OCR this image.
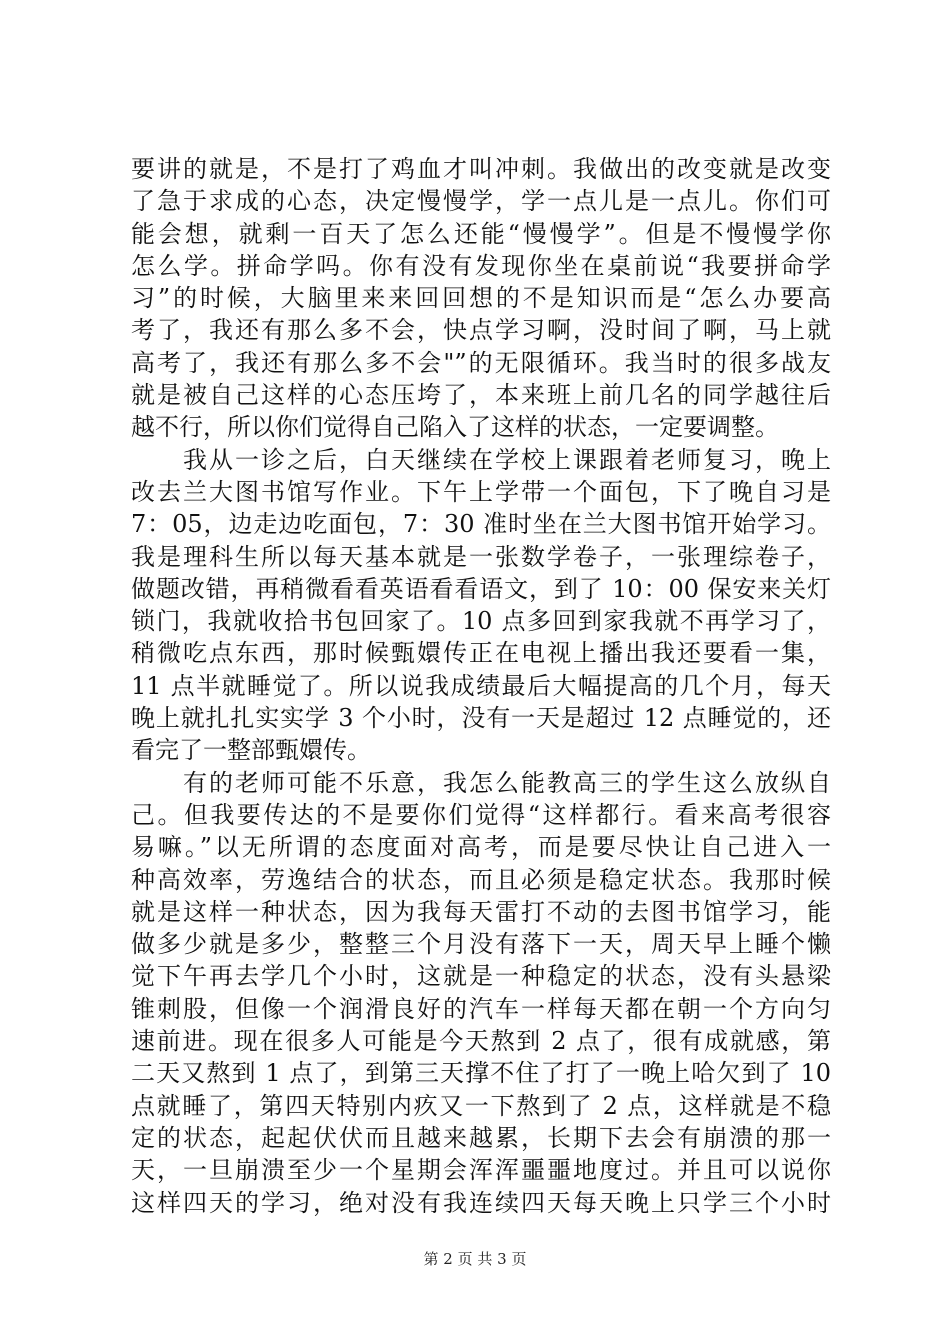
要讲的就是，不是打了鸡血才叫冲刺。我做出的改变就是改变
了急于求成的心态，决定慢慢学，学一点儿是一点儿。你们可
能会想，就剩一百天了怎么还能“慢慢学”。但是不慢慢学你
怎么学。拼命学吗。你有没有发现你坐在桌前说“我要拼命学
习”的时候，大脑里来来回回想的不是知识而是“怎么办要高
考了，我还有那么多不会，快点学习啊，没时间了啊，马上就
高考了，我还有那么多不会"”的无限循环。我当时的很多战友
就是被自己这样的心态压垮了，本来班上前几名的同学越往后
越不行，所以你们觉得自己陷入了这样的状态，一定要调整。
　　我从一诊之后，白天继续在学校上课跟着老师复习，晚上
改去兰大图书馆写作业。下午上学带一个面包，下了晚自习是
7：05，边走边吃面包，7：30 准时坐在兰大图书馆开始学习。
我是理科生所以每天基本就是一张数学卷子，一张理综卷子，
做题改错，再稍微看看英语看看语文，到了 10：00 保安来关灯
锁门，我就收拾书包回家了。10 点多回到家我就不再学习了，
稍微吃点东西，那时候甄嬛传正在电视上播出我还要看一集，
11 点半就睡觉了。所以说我成绩最后大幅提高的几个月，每天
晚上就扎扎实实学 3 个小时，没有一天是超过 12 点睡觉的，还
看完了一整部甄嬛传。
　　有的老师可能不乐意，我怎么能教高三的学生这么放纵自
己。但我要传达的不是要你们觉得“这样都行。看来高考很容
易嘛。”以无所谓的态度面对高考，而是要尽快让自己进入一
种高效率，劳逸结合的状态，而且必须是稳定状态。我那时候
就是这样一种状态，因为我每天雷打不动的去图书馆学习，能
做多少就是多少，整整三个月没有落下一天，周天早上睡个懒
觉下午再去学几个小时，这就是一种稳定的状态，没有头悬梁
锥刺股，但像一个润滑良好的汽车一样每天都在朝一个方向匀
速前进。现在很多人可能是今天熬到 2 点了，很有成就感，第
二天又熬到 1 点了，到第三天撑不住了打了一晚上哈欠到了 10
点就睡了，第四天特别内疚又一下熬到了 2 点，这样就是不稳
定的状态，起起伏伏而且越来越累，长期下去会有崩溃的那一
天，一旦崩溃至少一个星期会浑浑噩噩地度过。并且可以说你
这样四天的学习，绝对没有我连续四天每天晚上只学三个小时
第 2 页 共 3 页
